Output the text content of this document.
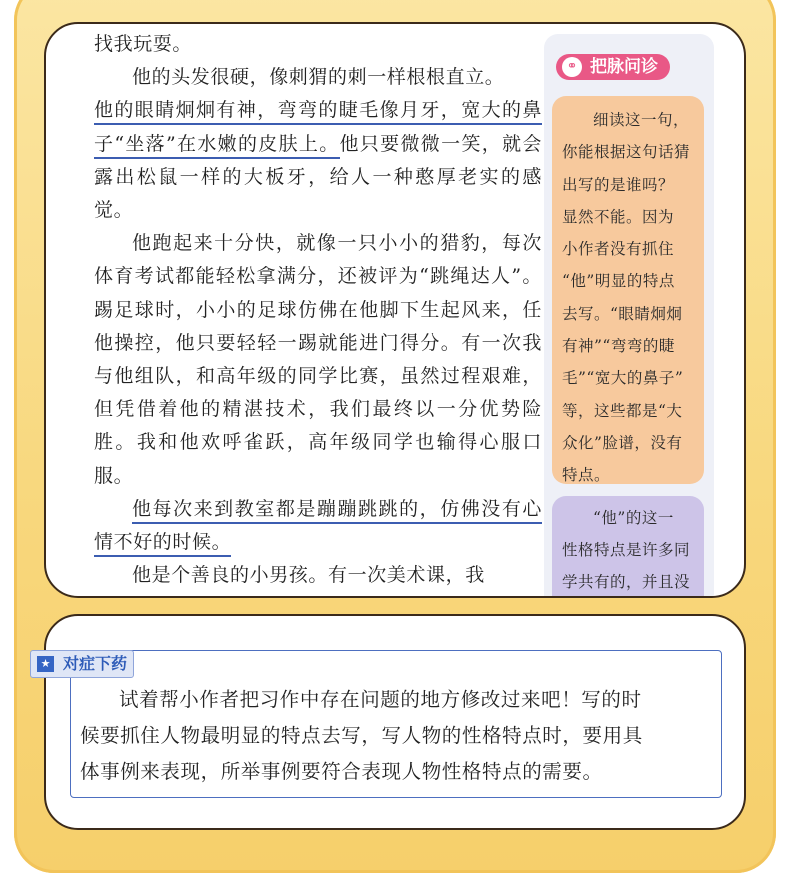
找我玩耍。

他的头发很硬，像刺猬的刺一样根根直立。

他的眼睛炯炯有神，弯弯的睫毛像月牙，宽大的鼻子“坐落”在水嫩的皮肤上。他只要微微一笑，就会露出松鼠一样的大板牙，给人一种憨厚老实的感觉。

他跑起来十分快，就像一只小小的猎豹，每次体育考试都能轻松拿满分，还被评为“跳绳达人”。踢足球时，小小的足球仿佛在他脚下生起风来，任他操控，他只要轻轻一踢就能进门得分。有一次我与他组队，和高年级的同学比赛，虽然过程艰难，但凭借着他的精湛技术，我们最终以一分优势险胜。我和他欢呼雀跃，高年级同学也输得心服口服。

他每次来到教室都是蹦蹦跳跳的，仿佛没有心情不好的时候。

他是个善良的小男孩。有一次美术课，我

⚭ 把脉问诊
细读这一句，
你能根据这句话猜
出写的是谁吗？
显然不能。因为
小作者没有抓住
“他”明显的特点
去写。“眼睛炯炯
有神”“弯弯的睫
毛”“宽大的鼻子”
等，这些都是“大
众化”脸谱，没有
特点。
“他”的这一
性格特点是许多同
学共有的，并且没
★ 对症下药
试着帮小作者把习作中存在问题的地方修改过来吧！写的时
候要抓住人物最明显的特点去写，写人物的性格特点时，要用具
体事例来表现，所举事例要符合表现人物性格特点的需要。
